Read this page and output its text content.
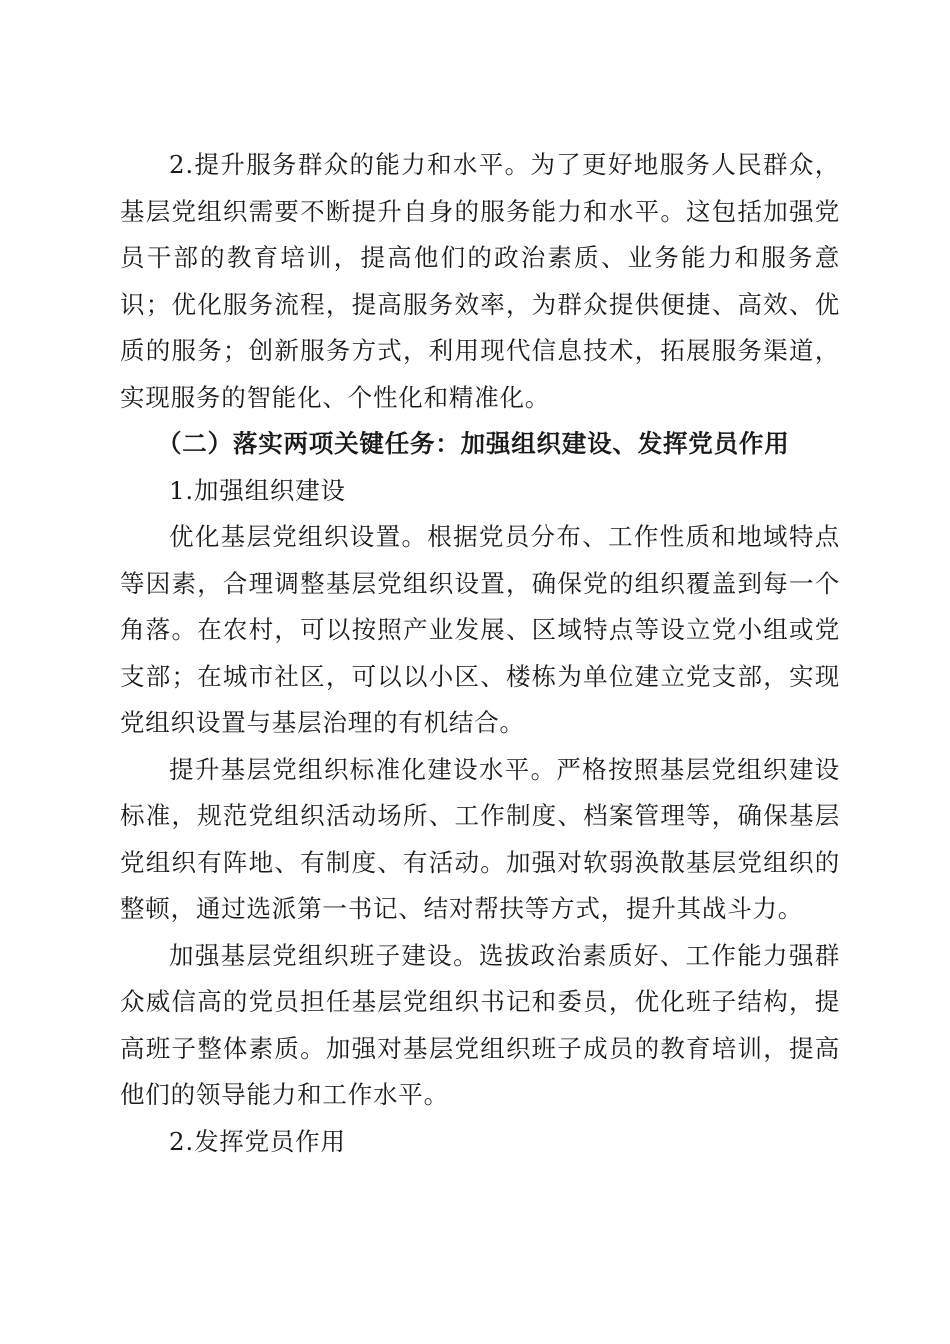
2.提升服务群众的能力和水平。为了更好地服务人民群众，基层党组织需要不断提升自身的服务能力和水平。这包括加强党员干部的教育培训，提高他们的政治素质、业务能力和服务意识；优化服务流程，提高服务效率，为群众提供便捷、高效、优质的服务；创新服务方式，利用现代信息技术，拓展服务渠道，实现服务的智能化、个性化和精准化。

（二）落实两项关键任务：加强组织建设、发挥党员作用

1.加强组织建设

优化基层党组织设置。根据党员分布、工作性质和地域特点等因素，合理调整基层党组织设置，确保党的组织覆盖到每一个角落。在农村，可以按照产业发展、区域特点等设立党小组或党支部；在城市社区，可以以小区、楼栋为单位建立党支部，实现党组织设置与基层治理的有机结合。

提升基层党组织标准化建设水平。严格按照基层党组织建设标准，规范党组织活动场所、工作制度、档案管理等，确保基层党组织有阵地、有制度、有活动。加强对软弱涣散基层党组织的整顿，通过选派第一书记、结对帮扶等方式，提升其战斗力。

加强基层党组织班子建设。选拔政治素质好、工作能力强群众威信高的党员担任基层党组织书记和委员，优化班子结构，提高班子整体素质。加强对基层党组织班子成员的教育培训，提高他们的领导能力和工作水平。

2.发挥党员作用
